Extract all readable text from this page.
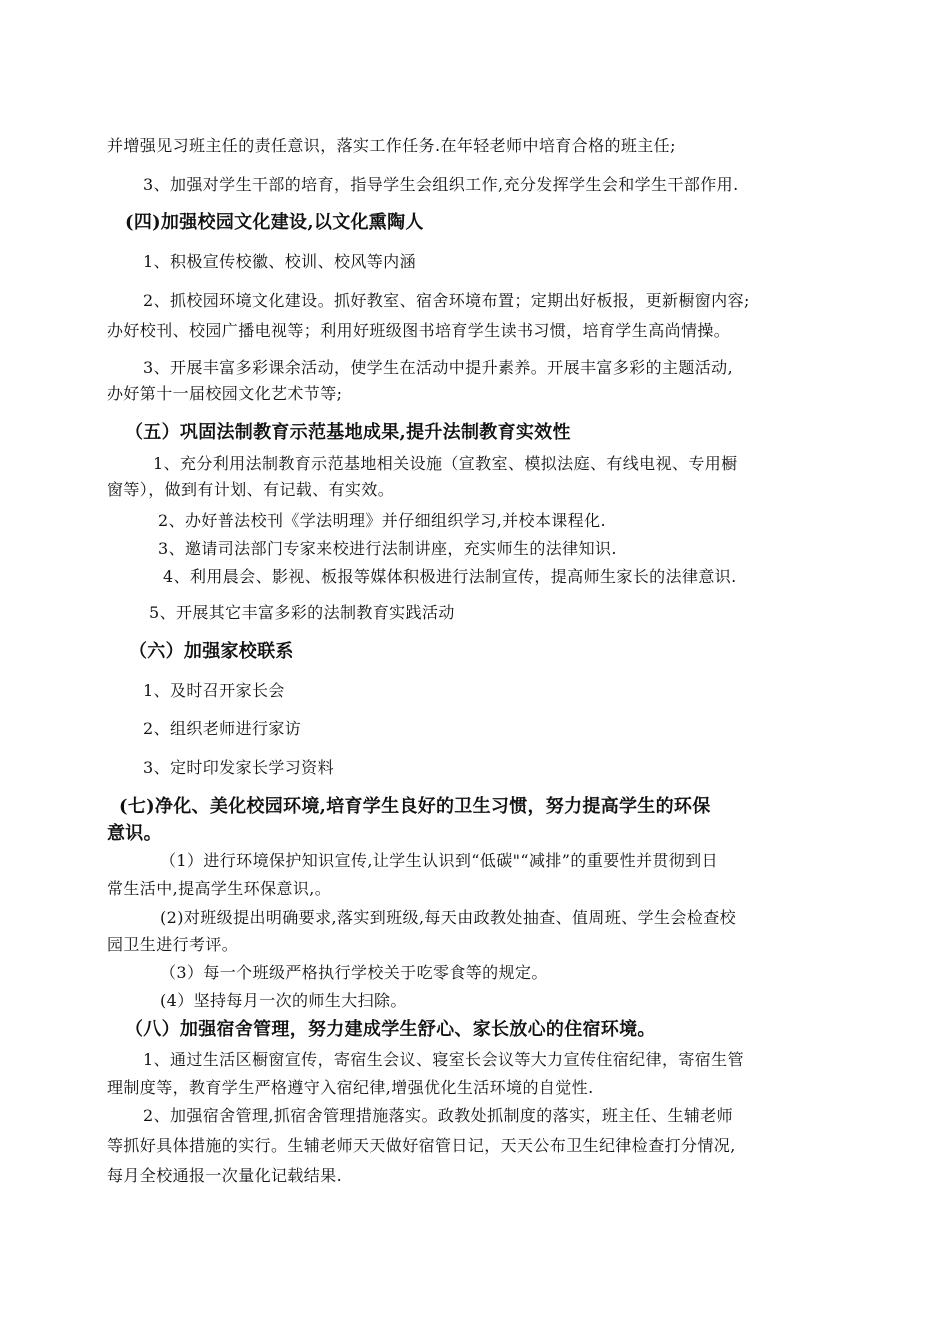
并增强见习班主任的责任意识，落实工作任务.在年轻老师中培育合格的班主任;
3、加强对学生干部的培育，指导学生会组织工作,充分发挥学生会和学生干部作用.
(四)加强校园文化建设,以文化熏陶人
1、积极宣传校徽、校训、校风等内涵
2、抓校园环境文化建设。抓好教室、宿舍环境布置；定期出好板报，更新橱窗内容;
办好校刊、校园广播电视等；利用好班级图书培育学生读书习惯，培育学生高尚情操。
3、开展丰富多彩课余活动，使学生在活动中提升素养。开展丰富多彩的主题活动,
办好第十一届校园文化艺术节等;
（五）巩固法制教育示范基地成果,提升法制教育实效性
1、充分利用法制教育示范基地相关设施（宣教室、模拟法庭、有线电视、专用橱
窗等），做到有计划、有记载、有实效。
2、办好普法校刊《学法明理》并仔细组织学习,并校本课程化.
3、邀请司法部门专家来校进行法制讲座，充实师生的法律知识.
4、利用晨会、影视、板报等媒体积极进行法制宣传，提高师生家长的法律意识.
5、开展其它丰富多彩的法制教育实践活动
（六）加强家校联系
1、及时召开家长会
2、组织老师进行家访
3、定时印发家长学习资料
(七)净化、美化校园环境,培育学生良好的卫生习惯，努力提高学生的环保
意识。
（1）进行环境保护知识宣传,让学生认识到“低碳"“减排”的重要性并贯彻到日
常生活中,提高学生环保意识,。
(2)对班级提出明确要求,落实到班级,每天由政教处抽查、值周班、学生会检查校
园卫生进行考评。
（3）每一个班级严格执行学校关于吃零食等的规定。
(4）坚持每月一次的师生大扫除。
（八）加强宿舍管理，努力建成学生舒心、家长放心的住宿环境。
1、通过生活区橱窗宣传，寄宿生会议、寝室长会议等大力宣传住宿纪律，寄宿生管
理制度等，教育学生严格遵守入宿纪律,增强优化生活环境的自觉性.
2、加强宿舍管理,抓宿舍管理措施落实。政教处抓制度的落实，班主任、生辅老师
等抓好具体措施的实行。生辅老师天天做好宿管日记，天天公布卫生纪律检查打分情况,
每月全校通报一次量化记载结果.
